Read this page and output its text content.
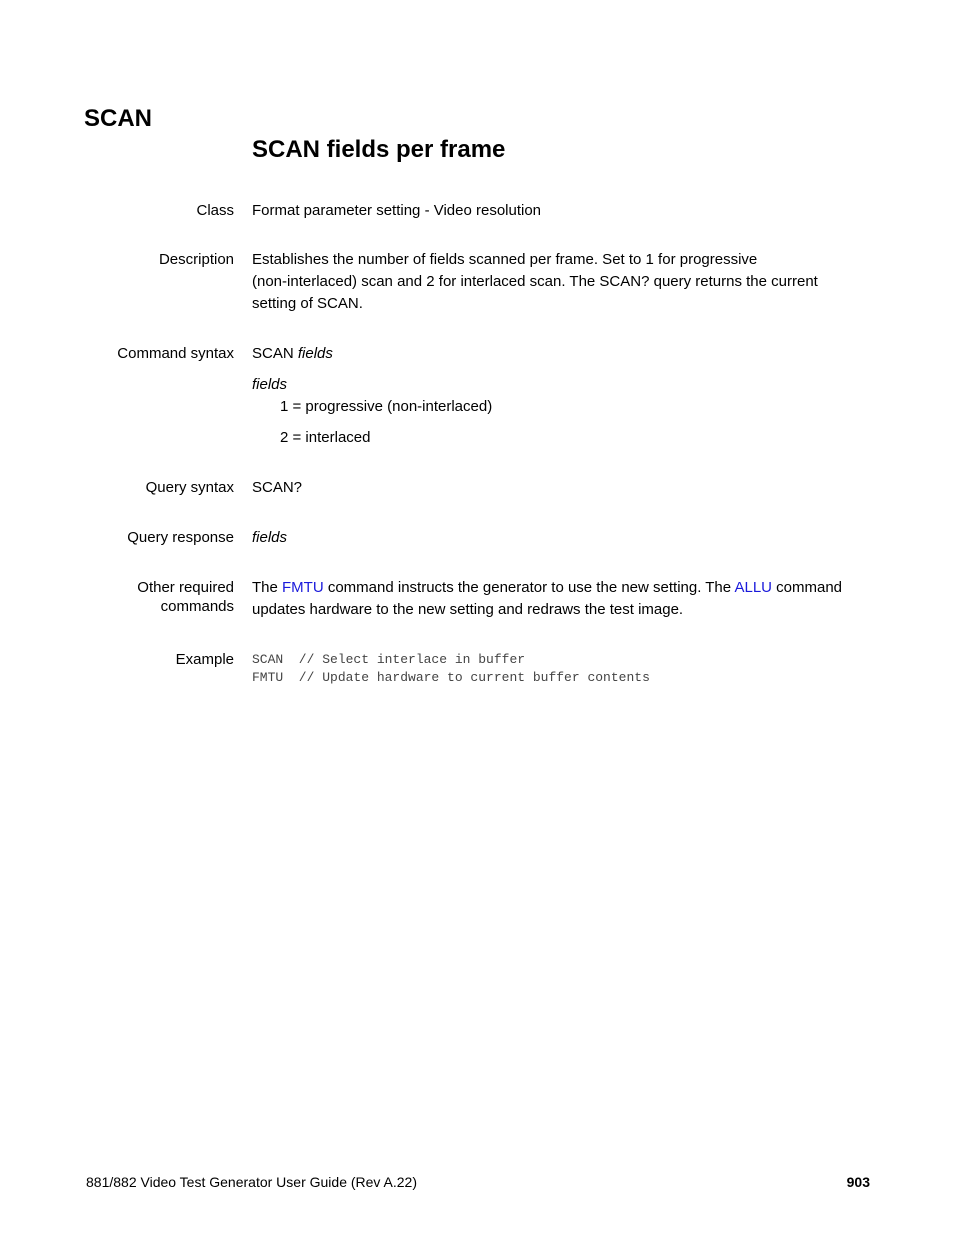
SCAN
SCAN fields per frame
Class Format parameter setting - Video resolution
Description Establishes the number of fields scanned per frame. Set to 1 for progressive
(non-interlaced) scan and 2 for interlaced scan. The SCAN? query returns the current
setting of SCAN.
Command syntax SCAN fields
fields
1 = progressive (non-interlaced)
2 = interlaced
Query syntax SCAN?
Query response fields
Other required
commands
The FMTU command instructs the generator to use the new setting. The ALLU command
updates hardware to the new setting and redraws the test image.
Example SCAN  // Select interlace in buffer
FMTU  // Update hardware to current buffer contents
881/882 Video Test Generator User Guide (Rev A.22)	903
